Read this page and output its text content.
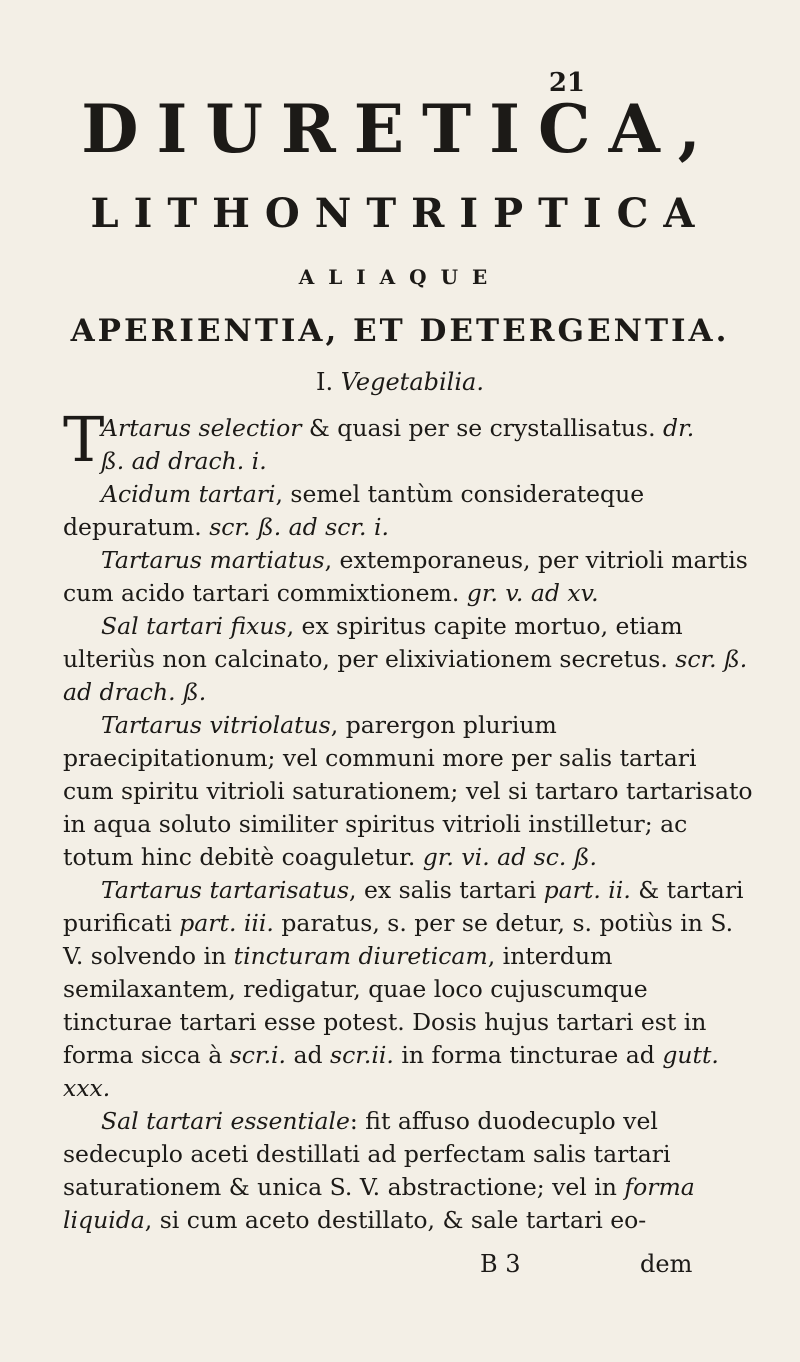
21
DIURETICA,
LITHONTRIPTICA
ALIAQUE
APERIENTIA, ET DETERGENTIA.
I. Vegetabilia.

T
Artarus selectior & quasi per se crystallisatus. dr.
ß. ad drach. i.

Acidum tartari, semel tantùm considerateque depuratum. scr. ß. ad scr. i.

Tartarus martiatus, extemporaneus, per vitrioli martis cum acido tartari commixtionem. gr. v. ad xv.

Sal tartari fixus, ex spiritus capite mortuo, etiam ulteriùs non calcinato, per elixiviationem secretus. scr. ß. ad drach. ß.

Tartarus vitriolatus, parergon plurium praecipitationum; vel communi more per salis tartari cum spiritu vitrioli saturationem; vel si tartaro tartarisato in aqua soluto similiter spiritus vitrioli instilletur; ac totum hinc debitè coaguletur. gr. vi. ad sc. ß.

Tartarus tartarisatus, ex salis tartari part. ii. & tartari purificati part. iii. paratus, s. per se detur, s. potiùs in S. V. solvendo in tincturam diureticam, interdum semilaxantem, redigatur, quae loco cujuscumque tincturae tartari esse potest. Dosis hujus tartari est in forma sicca à scr.i. ad scr.ii. in forma tincturae ad gutt. xxx.

Sal tartari essentiale: fit affuso duodecuplo vel sedecuplo aceti destillati ad perfectam salis tartari saturationem & unica S. V. abstractione; vel in forma liquida, si cum aceto destillato, & sale tartari eo-

B 3	dem
